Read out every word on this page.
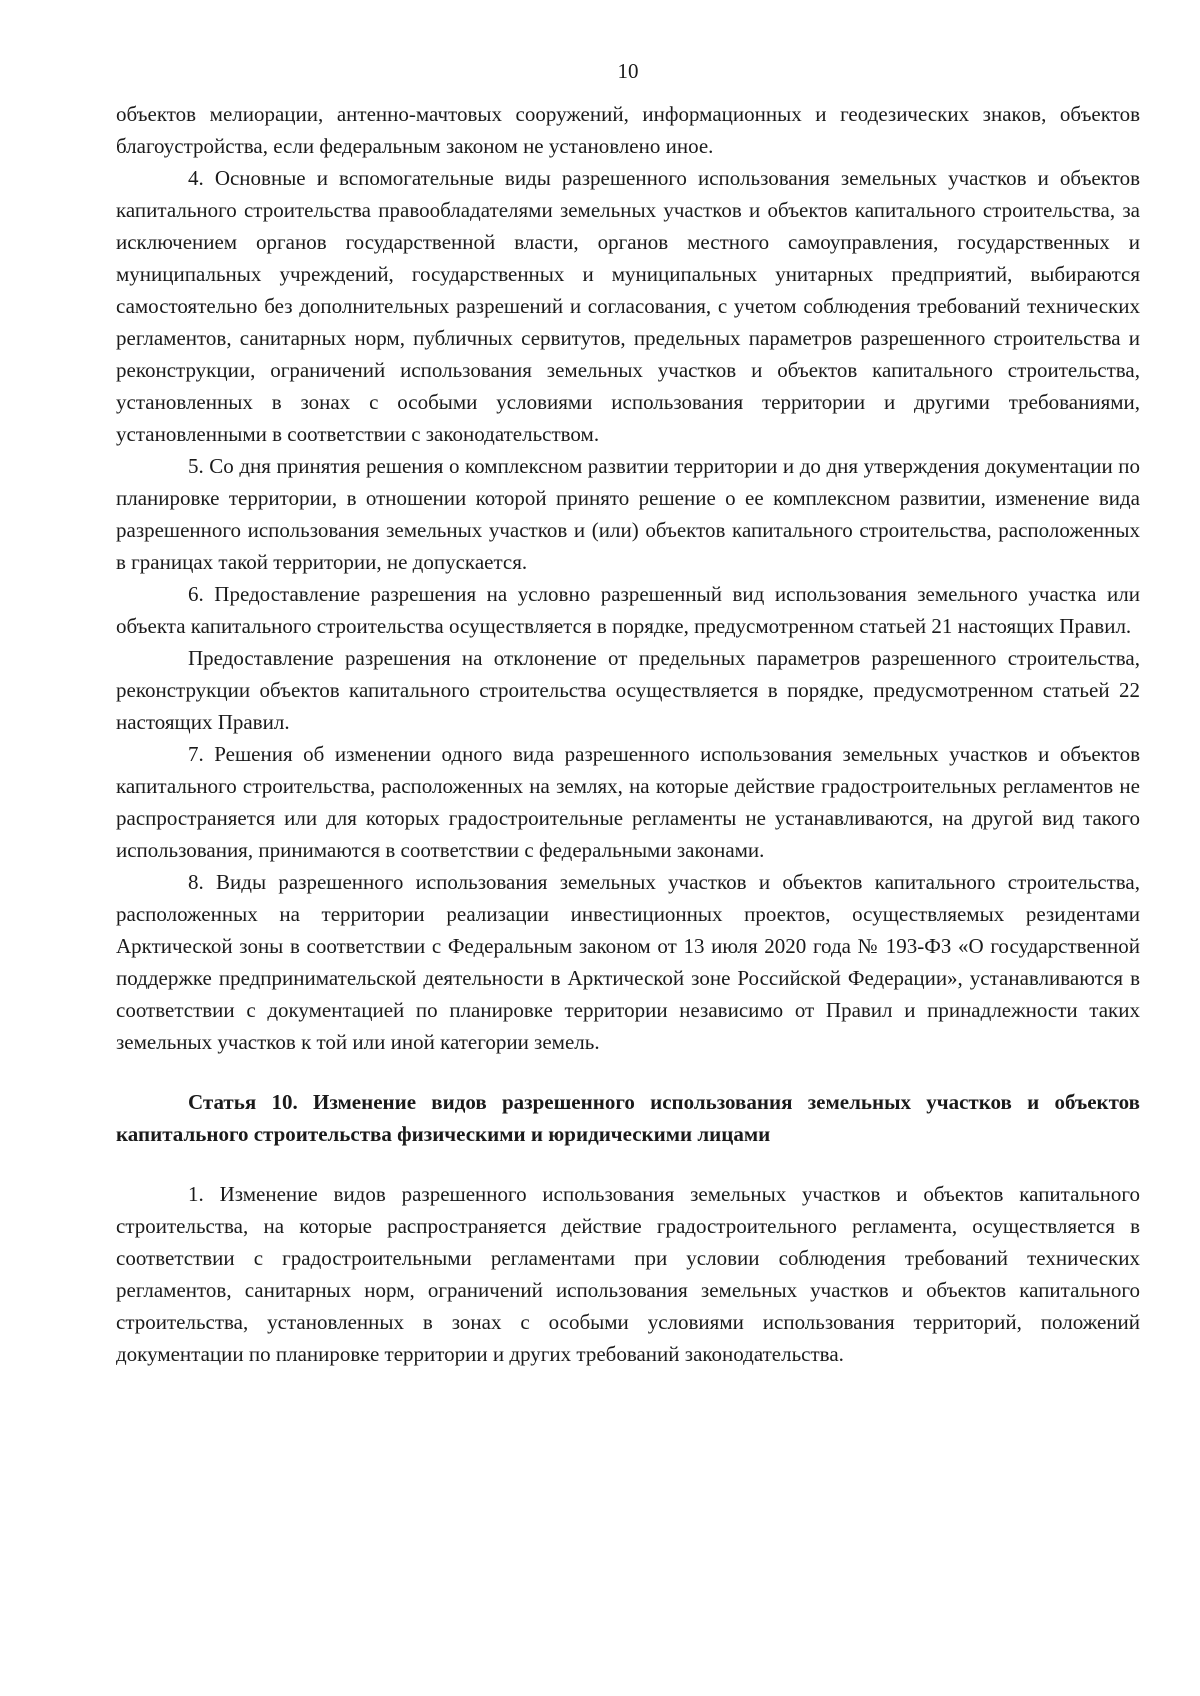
10

объектов мелиорации, антенно-мачтовых сооружений, информационных и геодезических знаков, объектов благоустройства, если федеральным законом не установлено иное.

4. Основные и вспомогательные виды разрешенного использования земельных участков и объектов капитального строительства правообладателями земельных участков и объектов капитального строительства, за исключением органов государственной власти, органов местного самоуправления, государственных и муниципальных учреждений, государственных и муниципальных унитарных предприятий, выбираются самостоятельно без дополнительных разрешений и согласования, с учетом соблюдения требований технических регламентов, санитарных норм, публичных сервитутов, предельных параметров разрешенного строительства и реконструкции, ограничений использования земельных участков и объектов капитального строительства, установленных в зонах с особыми условиями использования территории и другими требованиями, установленными в соответствии с законодательством.

5. Со дня принятия решения о комплексном развитии территории и до дня утверждения документации по планировке территории, в отношении которой принято решение о ее комплексном развитии, изменение вида разрешенного использования земельных участков и (или) объектов капитального строительства, расположенных в границах такой территории, не допускается.

6. Предоставление разрешения на условно разрешенный вид использования земельного участка или объекта капитального строительства осуществляется в порядке, предусмотренном статьей 21 настоящих Правил.

Предоставление разрешения на отклонение от предельных параметров разрешенного строительства, реконструкции объектов капитального строительства осуществляется в порядке, предусмотренном статьей 22 настоящих Правил.

7. Решения об изменении одного вида разрешенного использования земельных участков и объектов капитального строительства, расположенных на землях, на которые действие градостроительных регламентов не распространяется или для которых градостроительные регламенты не устанавливаются, на другой вид такого использования, принимаются в соответствии с федеральными законами.

8. Виды разрешенного использования земельных участков и объектов капитального строительства, расположенных на территории реализации инвестиционных проектов, осуществляемых резидентами Арктической зоны в соответствии с Федеральным законом от 13 июля 2020 года № 193-ФЗ «О государственной поддержке предпринимательской деятельности в Арктической зоне Российской Федерации», устанавливаются в соответствии с документацией по планировке территории независимо от Правил и принадлежности таких земельных участков к той или иной категории земель.

Статья 10. Изменение видов разрешенного использования земельных участков и объектов капитального строительства физическими и юридическими лицами

1. Изменение видов разрешенного использования земельных участков и объектов капитального строительства, на которые распространяется действие градостроительного регламента, осуществляется в соответствии с градостроительными регламентами при условии соблюдения требований технических регламентов, санитарных норм, ограничений использования земельных участков и объектов капитального строительства, установленных в зонах с особыми условиями использования территорий, положений документации по планировке территории и других требований законодательства.
